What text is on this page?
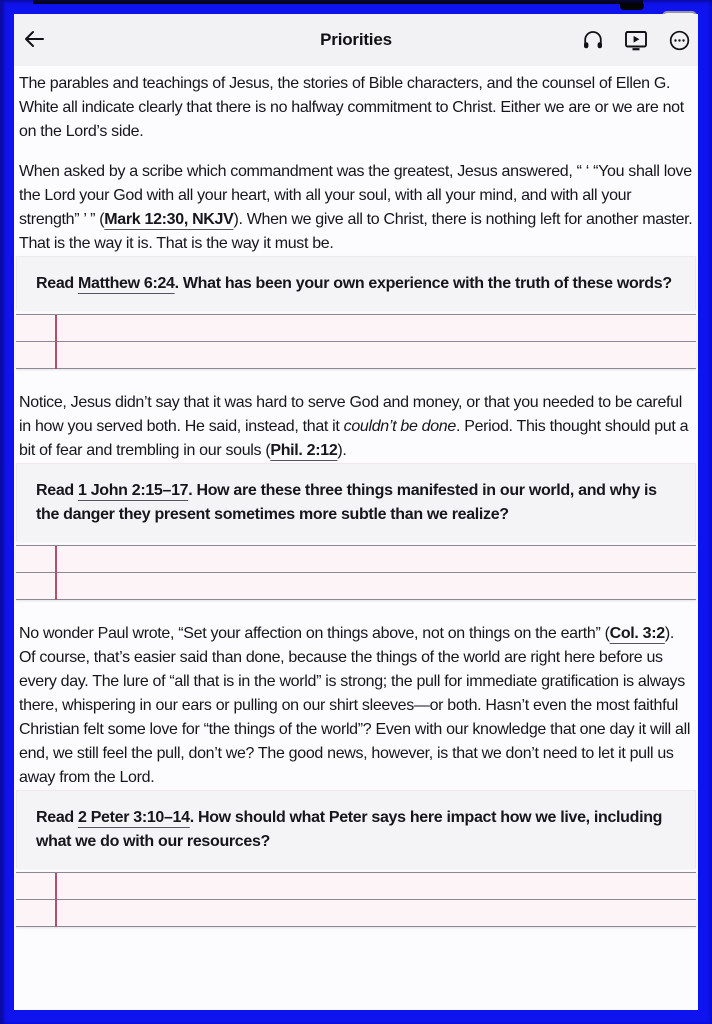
Priorities

The parables and teachings of Jesus, the stories of Bible characters, and the counsel of Ellen G. White all indicate clearly that there is no halfway commitment to Christ. Either we are or we are not on the Lord’s side.

When asked by a scribe which commandment was the greatest, Jesus answered, “ ‘ “You shall love the Lord your God with all your heart, with all your soul, with all your mind, and with all your strength” ’ ” (Mark 12:30, NKJV). When we give all to Christ, there is nothing left for another master. That is the way it is. That is the way it must be.

Read Matthew 6:24. What has been your own experience with the truth of these words?

Notice, Jesus didn’t say that it was hard to serve God and money, or that you needed to be careful in how you served both. He said, instead, that it couldn’t be done. Period. This thought should put a bit of fear and trembling in our souls (Phil. 2:12).

Read 1 John 2:15–17. How are these three things manifested in our world, and why is the danger they present sometimes more subtle than we realize?

No wonder Paul wrote, “Set your affection on things above, not on things on the earth” (Col. 3:2). Of course, that’s easier said than done, because the things of the world are right here before us every day. The lure of “all that is in the world” is strong; the pull for immediate gratification is always there, whispering in our ears or pulling on our shirt sleeves—or both. Hasn’t even the most faithful Christian felt some love for “the things of the world”? Even with our knowledge that one day it will all end, we still feel the pull, don’t we? The good news, however, is that we don’t need to let it pull us away from the Lord.

Read 2 Peter 3:10–14. How should what Peter says here impact how we live, including what we do with our resources?
